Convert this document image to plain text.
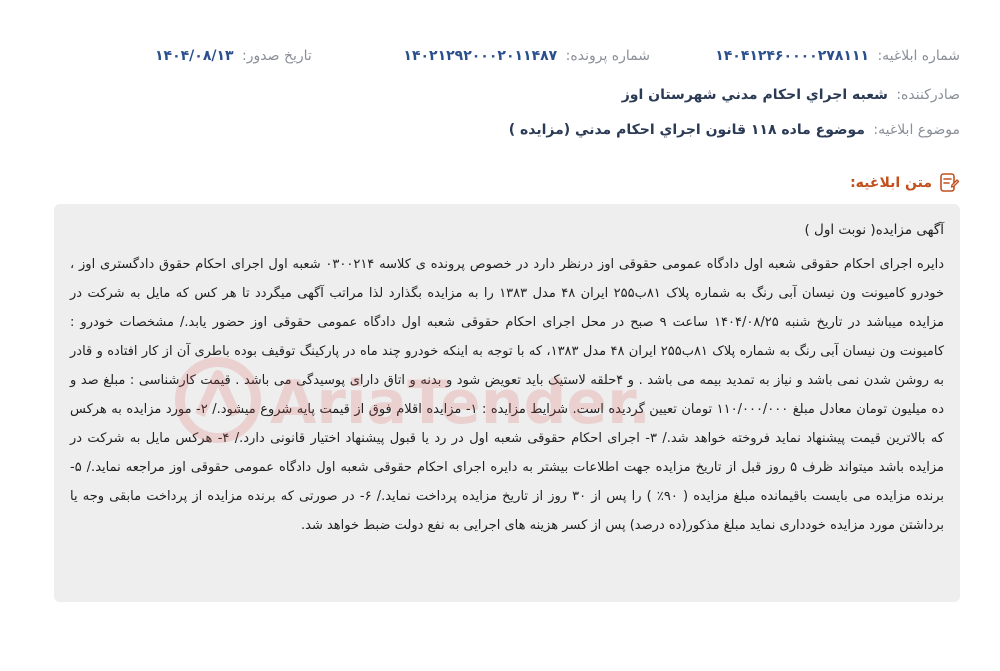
شماره ابلاغیه: ۱۴۰۴۱۲۴۶۰۰۰۰۲۷۸۱۱۱
شماره پرونده: ۱۴۰۲۱۲۹۲۰۰۰۲۰۱۱۴۸۷
تاریخ صدور: ۱۴۰۴/۰۸/۱۳
صادرکننده: شعبه اجراي احکام مدني شهرستان اوز
موضوع ابلاغیه: موضوع ماده ۱۱۸ قانون اجراي احکام مدني (مزايده )
متن ابلاغیه:

آگهی مزایده( نوبت اول )

دایره اجرای احکام حقوقی شعبه اول دادگاه عمومی حقوقی اوز درنظر دارد در خصوص پرونده ی کلاسه ۰۳۰۰۲۱۴ شعبه اول اجرای احکام حقوق دادگستری اوز ، خودرو کامیونت ون نیسان آبی رنگ به شماره پلاک ۸۱ب۲۵۵ ایران ۴۸ مدل ۱۳۸۳ را به مزایده بگذارد لذا مراتب آگهی میگردد تا هر کس که مایل به شرکت در مزایده میباشد در تاریخ شنبه ۱۴۰۴/۰۸/۲۵ ساعت ۹ صبح در محل اجرای احکام حقوقی شعبه اول دادگاه عمومی حقوقی اوز حضور یابد./ مشخصات خودرو : کامیونت ون نیسان آبی رنگ به شماره پلاک ۸۱ب۲۵۵ ایران ۴۸ مدل ۱۳۸۳، که با توجه به اینکه خودرو چند ماه در پارکینگ توقیف بوده باطری آن از کار افتاده و قادر به روشن شدن نمی باشد و نیاز به تمدید بیمه می باشد . و ۴حلقه لاستیک باید تعویض شود و بدنه و اتاق دارای پوسیدگی می باشد . قیمت کارشناسی : مبلغ صد و ده میلیون تومان معادل مبلغ ۱۱۰/۰۰۰/۰۰۰ تومان تعیین گردیده است. شرایط مزایده : ۱- مزایده اقلام فوق از قیمت پایه شروع میشود./ ۲- مورد مزایده به هرکس که بالاترین قیمت پیشنهاد نماید فروخته خواهد شد./ ۳- اجرای احکام حقوقی شعبه اول در رد یا قبول پیشنهاد اختیار قانونی دارد./ ۴- هرکس مایل به شرکت در مزایده باشد میتواند ظرف ۵ روز قبل از تاریخ مزایده جهت اطلاعات بیشتر به دایره اجرای احکام حقوقی شعبه اول دادگاه عمومی حقوقی اوز مراجعه نماید./ ۵- برنده مزایده می بایست باقیمانده مبلغ مزایده ( ۹۰٪ ) را پس از ۳۰ روز از تاریخ مزایده پرداخت نماید./ ۶- در صورتی که برنده مزایده از پرداخت مابقی وجه یا برداشتن مورد مزایده خودداری نماید مبلغ مذکور(ده درصد) پس از کسر هزینه های اجرایی به نفع دولت ضبط خواهد شد.
